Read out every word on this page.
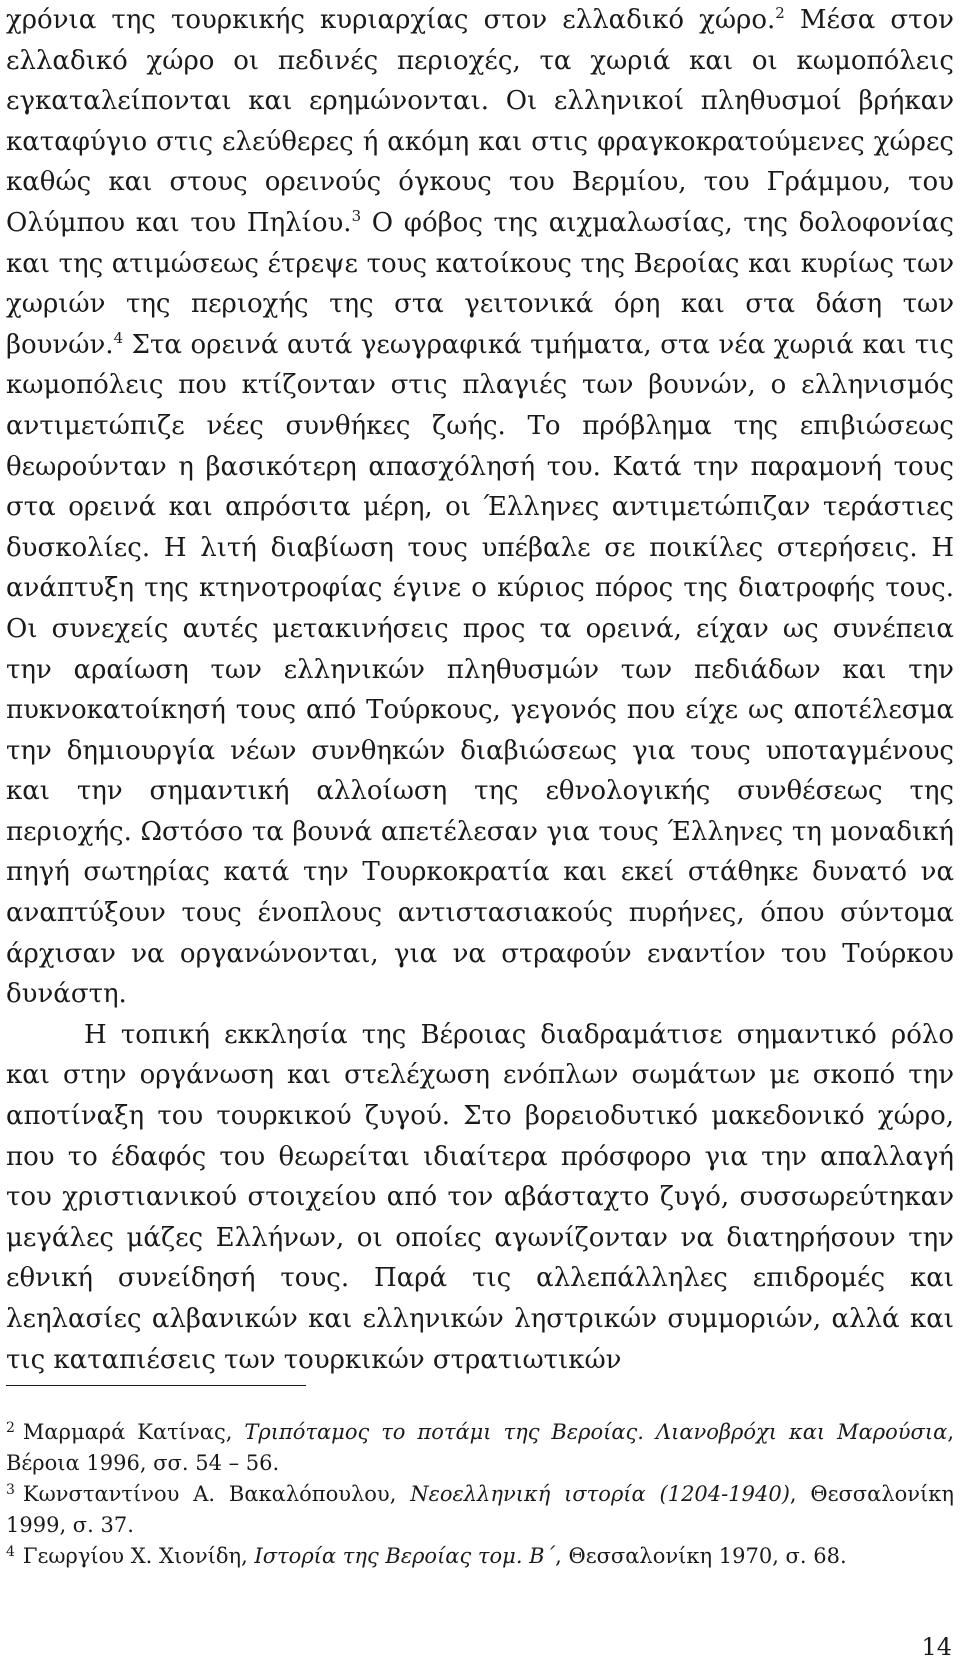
χρόνια της τουρκικής κυριαρχίας στον ελλαδικό χώρο.$^2$ Μέσα στον ελλαδικό χώρο οι πεδινές περιοχές, τα χωριά και οι κωμοπόλεις εγκαταλείπονται και ερημώνονται. Οι ελληνικοί πληθυσμοί βρήκαν καταφύγιο στις ελεύθερες ή ακόμη και στις φραγκοκρατούμενες χώρες καθώς και στους ορεινούς όγκους του Βερμίου, του Γράμμου, του Ολύμπου και του Πηλίου.$^3$ Ο φόβος της αιχμαλωσίας, της δολοφονίας και της ατιμώσεως έτρεψε τους κατοίκους της Βεροίας και κυρίως των χωριών της περιοχής της στα γειτονικά όρη και στα δάση των βουνών.$^4$ Στα ορεινά αυτά γεωγραφικά τμήματα, στα νέα χωριά και τις κωμοπόλεις που κτίζονταν στις πλαγιές των βουνών, ο ελληνισμός αντιμετώπιζε νέες συνθήκες ζωής. Το πρόβλημα της επιβιώσεως θεωρούνταν η βασικότερη απασχόλησή του. Κατά την παραμονή τους στα ορεινά και απρόσιτα μέρη, οι Έλληνες αντιμετώπιζαν τεράστιες δυσκολίες. Η λιτή διαβίωση τους υπέβαλε σε ποικίλες στερήσεις. Η ανάπτυξη της κτηνοτροφίας έγινε ο κύριος πόρος της διατροφής τους. Οι συνεχείς αυτές μετακινήσεις προς τα ορεινά, είχαν ως συνέπεια την αραίωση των ελληνικών πληθυσμών των πεδιάδων και την πυκνοκατοίκησή τους από Τούρκους, γεγονός που είχε ως αποτέλεσμα την δημιουργία νέων συνθηκών διαβιώσεως για τους υποταγμένους και την σημαντική αλλοίωση της εθνολογικής συνθέσεως της περιοχής. Ωστόσο τα βουνά απετέλεσαν για τους Έλληνες τη μοναδική πηγή σωτηρίας κατά την Τουρκοκρατία και εκεί στάθηκε δυνατό να αναπτύξουν τους ένοπλους αντιστασιακούς πυρήνες, όπου σύντομα άρχισαν να οργανώνονται, για να στραφούν εναντίον του Τούρκου δυνάστη.

Η τοπική εκκλησία της Βέροιας διαδραμάτισε σημαντικό ρόλο και στην οργάνωση και στελέχωση ενόπλων σωμάτων με σκοπό την αποτίναξη του τουρκικού ζυγού. Στο βορειοδυτικό μακεδονικό χώρο, που το έδαφός του θεωρείται ιδιαίτερα πρόσφορο για την απαλλαγή του χριστιανικού στοιχείου από τον αβάσταχτο ζυγό, συσσωρεύτηκαν μεγάλες μάζες Ελλήνων, οι οποίες αγωνίζονταν να διατηρήσουν την εθνική συνείδησή τους. Παρά τις αλλεπάλληλες επιδρομές και λεηλασίες αλβανικών και ελληνικών ληστρικών συμμοριών, αλλά και τις καταπιέσεις των τουρκικών στρατιωτικών

$^2$ Μαρμαρά Κατίνας, Τριπόταμος το ποτάμι της Βεροίας. Λιανοβρόχι και Μαρούσια, Βέροια 1996, σσ. 54 – 56.

$^3$ Κωνσταντίνου Α. Βακαλόπουλου, Νεοελληνική ιστορία (1204-1940), Θεσσαλονίκη 1999, σ. 37.

$^4$ Γεωργίου Χ. Χιονίδη, Ιστορία της Βεροίας τομ. Β΄, Θεσσαλονίκη 1970, σ. 68.

14
